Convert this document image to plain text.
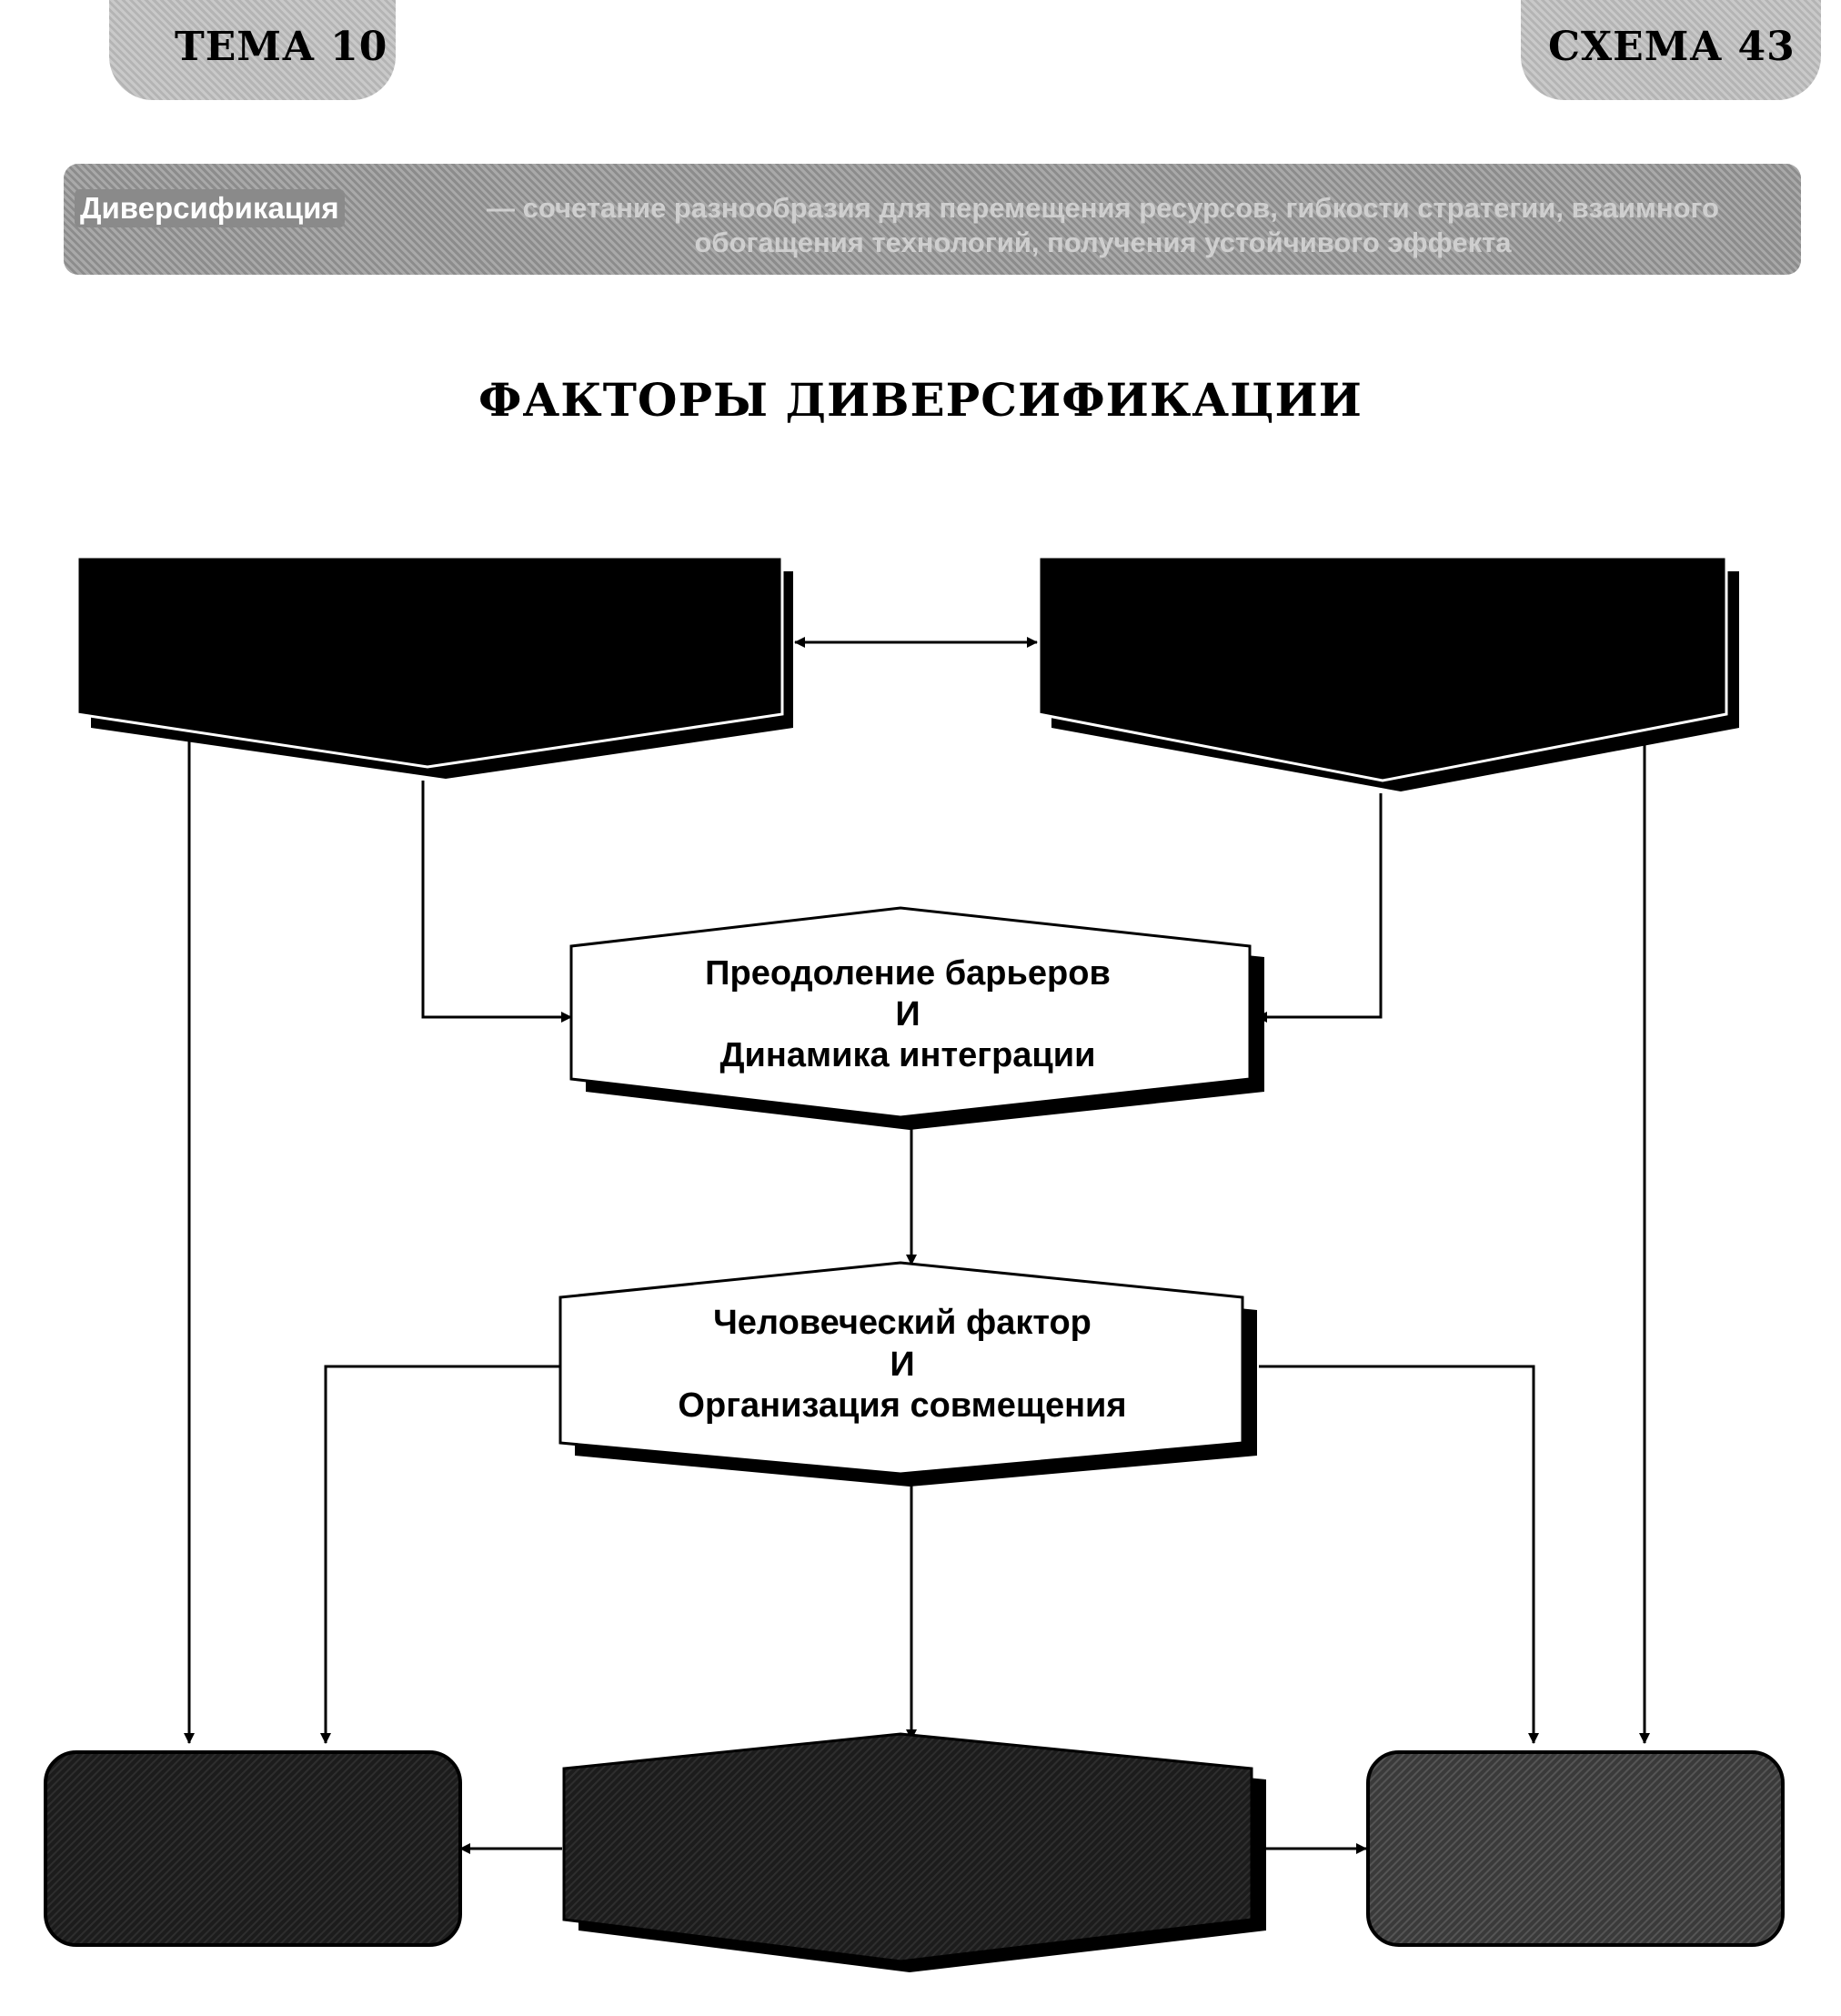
ТЕМА 10	СХЕМА 43
Диверсификация	— сочетание разнообразия для перемещения ресурсов, гибкости стратегии, взаимного обогащения технологий, получения устойчивого эффекта
ФАКТОРЫ ДИВЕРСИФИКАЦИИ
Преодоление барьеров
И
Динамика интеграции
Человеческий фактор
И
Организация совмещения
